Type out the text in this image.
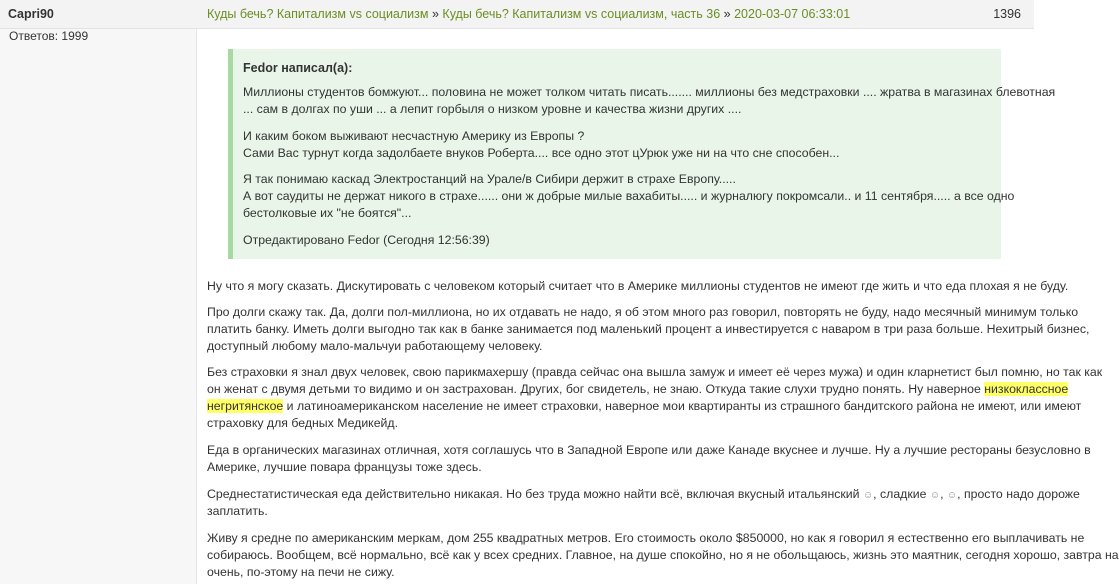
Capri90	Куды бечь? Капитализм vs социализм » Куды бечь? Капитализм vs социализм, часть 36 » 2020-03-07 06:33:01	1396
Ответов: 1999
Fedor написал(а):
Миллионы студентов бомжуют... половина не может толком читать писать....... миллионы без медстраховки .... жратва в магазинах блевотная
... сам в долгах по уши ... а лепит горбыля о низком уровне и качества жизни других ....
И каким боком выживают несчастную Америку из Европы ?
Сами Вас турнут когда задолбаете внуков Роберта.... все одно этот цУрюк уже ни на что сне способен...
Я так понимаю каскад Электростанций на Урале/в Сибири держит в страхе Европу.....
А вот саудиты не держат никого в страхе...... они ж добрые милые вахабиты..... и журналюгу покромсали.. и 11 сентября..... а все одно
бестолковые их "не боятся"...
Отредактировано Fedor (Сегодня 12:56:39)
Ну что я могу сказать. Дискутировать с человеком который считает что в Америке миллионы студентов не имеют где жить и что еда плохая я не буду.
Про долги скажу так. Да, долги пол-миллиона, но их отдавать не надо, я об этом много раз говорил, повторять не буду, надо месячный минимум только
платить банку. Иметь долги выгодно так как в банке занимается под маленький процент а инвестируется с наваром в три раза больше. Нехитрый бизнес,
доступный любому мало-мальчуи работающему человеку.
Без страховки я знал двух человек, свою парикмахершу (правда сейчас она вышла замуж и имеет её через мужа) и один кларнетист был помню, но так как
он женат с двумя детьми то видимо и он застрахован. Других, бог свидетель, не знаю. Откуда такие слухи трудно понять. Ну наверное низкоклассное
негритянское и латиноамериканском население не имеет страховки, наверное мои квартиранты из страшного бандитского района не имеют, или имеют
страховку для бедных Медикейд.
Еда в органических магазинах отличная, хотя соглашусь что в Западной Европе или даже Канаде вкуснее и лучше. Ну а лучшие рестораны безусловно в
Америке, лучшие повара французы тоже здесь.
Среднестатистическая еда действительно никакая. Но без труда можно найти всё, включая вкусный итальянский ☺, сладкие ☺, ☺, просто надо дороже
заплатить.
Живу я средне по американским меркам, дом 255 квадратных метров. Его стоимость около $850000, но как я говорил я естественно его выплачивать не
собираюсь. Вообщем, всё нормально, всё как у всех средних. Главное, на душе спокойно, но я не обольщаюсь, жизнь это маятник, сегодня хорошо, завтра на
очень, по-этому на печи не сижу.
